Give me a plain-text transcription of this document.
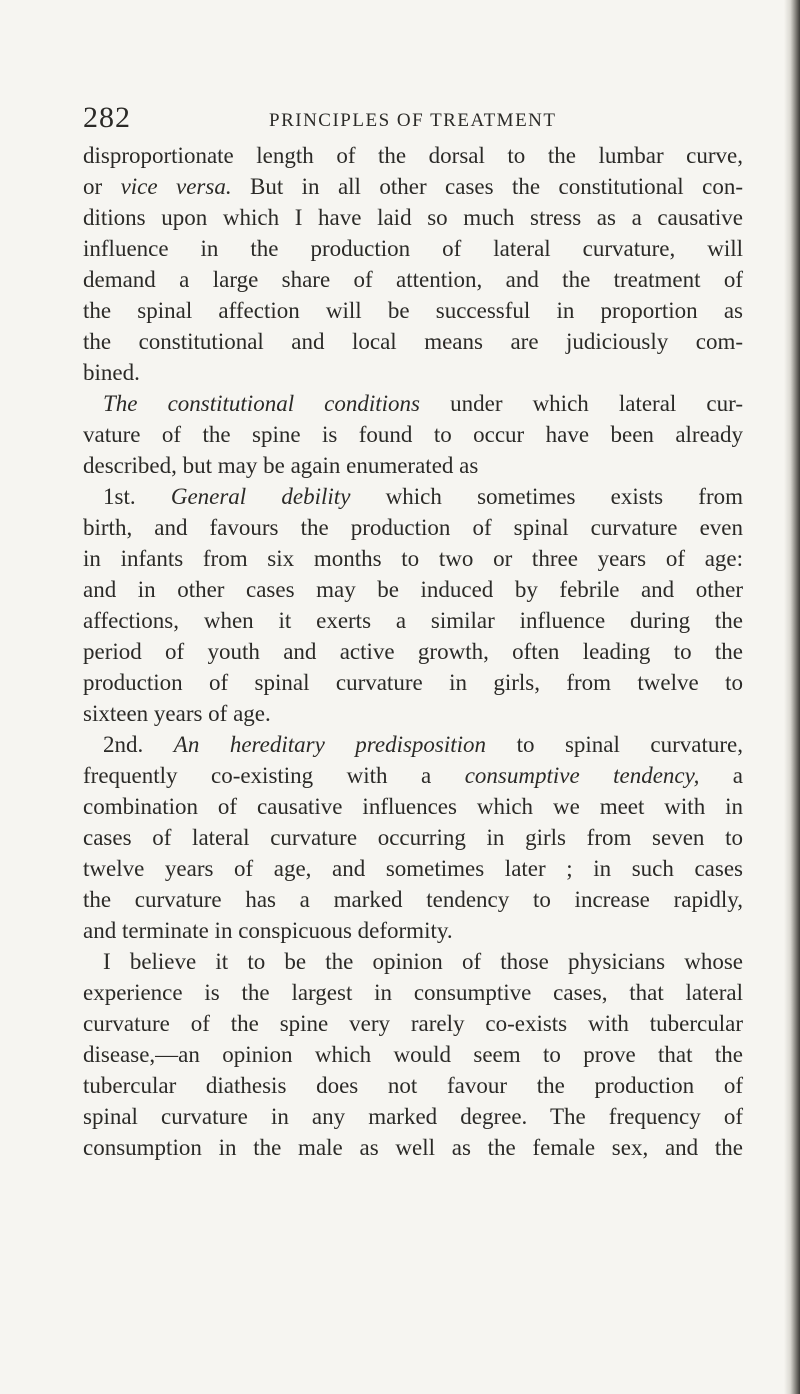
282	PRINCIPLES OF TREATMENT
disproportionate length of the dorsal to the lumbar curve,
or vice versa. But in all other cases the constitutional con-
ditions upon which I have laid so much stress as a causative
influence in the production of lateral curvature, will
demand a large share of attention, and the treatment of
the spinal affection will be successful in proportion as
the constitutional and local means are judiciously com-
bined.
The constitutional conditions under which lateral cur-
vature of the spine is found to occur have been already
described, but may be again enumerated as
1st. General debility which sometimes exists from
birth, and favours the production of spinal curvature even
in infants from six months to two or three years of age:
and in other cases may be induced by febrile and other
affections, when it exerts a similar influence during the
period of youth and active growth, often leading to the
production of spinal curvature in girls, from twelve to
sixteen years of age.
2nd. An hereditary predisposition to spinal curvature,
frequently co-existing with a consumptive tendency, a
combination of causative influences which we meet with in
cases of lateral curvature occurring in girls from seven to
twelve years of age, and sometimes later ; in such cases
the curvature has a marked tendency to increase rapidly,
and terminate in conspicuous deformity.
I believe it to be the opinion of those physicians whose
experience is the largest in consumptive cases, that lateral
curvature of the spine very rarely co-exists with tubercular
disease,—an opinion which would seem to prove that the
tubercular diathesis does not favour the production of
spinal curvature in any marked degree. The frequency of
consumption in the male as well as the female sex, and the
